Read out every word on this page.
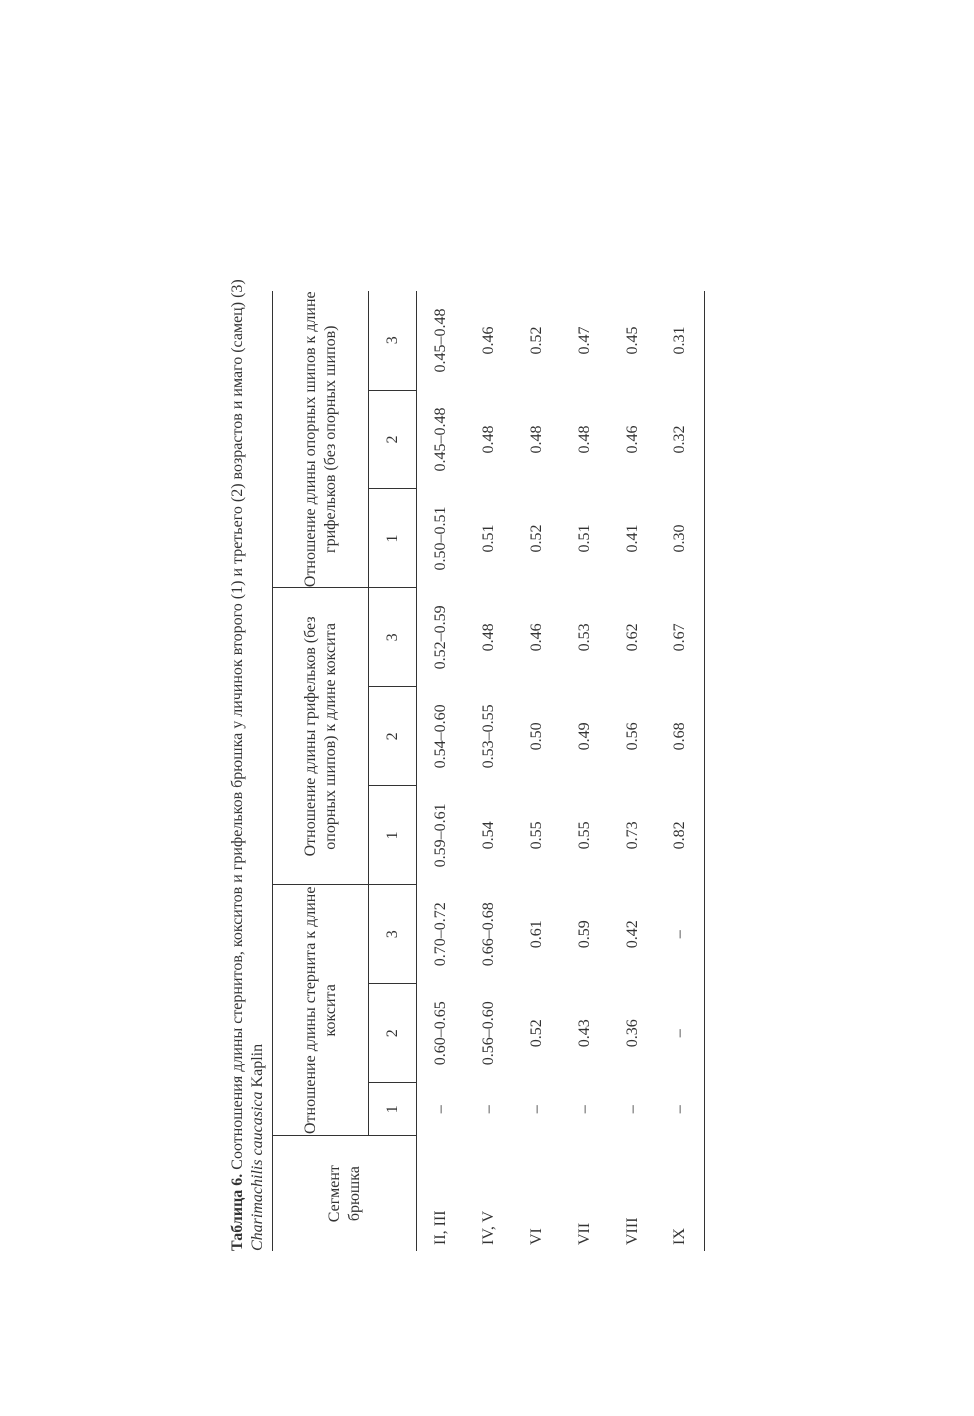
Таблица 6. Соотношения длины стернитов, кокситов и грифельков брюшка у личинок второго (1) и третьего (2) возрастов и имаго (самец) (3) Charimachilis caucasica Kaplin

Сегмент брюшка	Отношение длины стернита к длине коксита			Отношение длины грифельков (без опорных шипов) к длине коксита			Отношение длины опорных шипов к длине грифельков (без опорных шипов)		
	1	2	3	1	2	3	1	2	3
II, III	–	0.60–0.65	0.70–0.72	0.59–0.61	0.54–0.60	0.52–0.59	0.50–0.51	0.45–0.48	0.45–0.48
IV, V	–	0.56–0.60	0.66–0.68	0.54	0.53–0.55	0.48	0.51	0.48	0.46
VI	–	0.52	0.61	0.55	0.50	0.46	0.52	0.48	0.52
VII	–	0.43	0.59	0.55	0.49	0.53	0.51	0.48	0.47
VIII	–	0.36	0.42	0.73	0.56	0.62	0.41	0.46	0.45
IX	–	–	–	0.82	0.68	0.67	0.30	0.32	0.31
